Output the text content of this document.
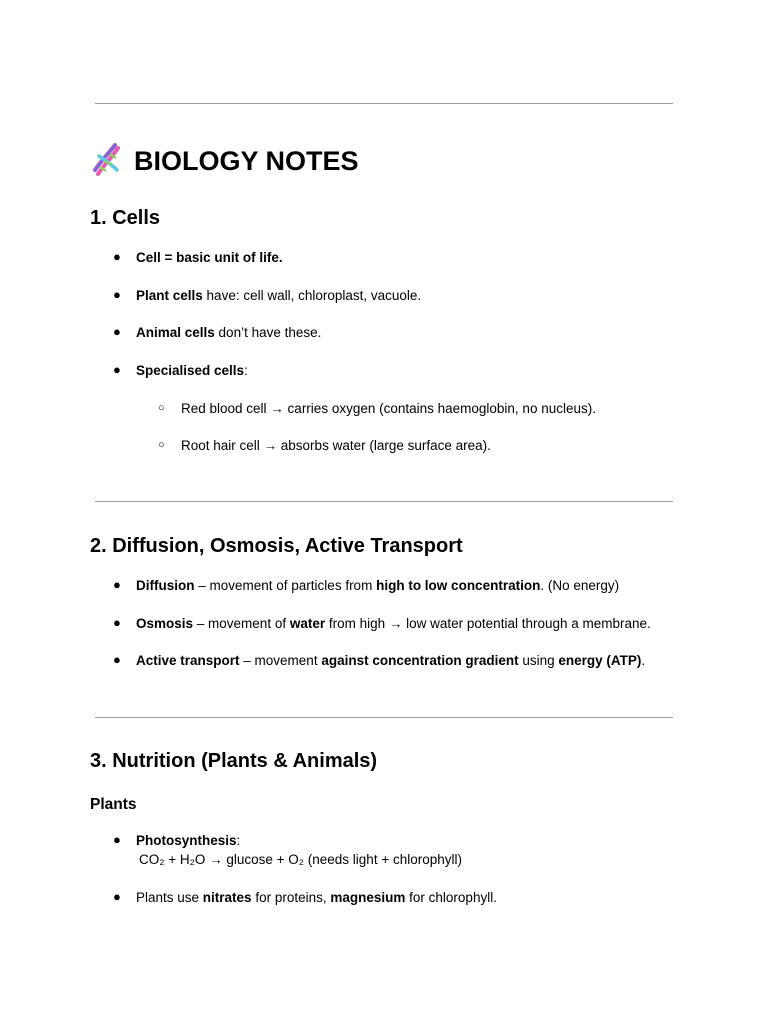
BIOLOGY NOTES
1. Cells
● Cell = basic unit of life.
● Plant cells have: cell wall, chloroplast, vacuole.
● Animal cells don’t have these.
● Specialised cells:
○ Red blood cell → carries oxygen (contains haemoglobin, no nucleus).
○ Root hair cell → absorbs water (large surface area).
2. Diffusion, Osmosis, Active Transport
● Diffusion – movement of particles from high to low concentration. (No energy)
● Osmosis – movement of water from high → low water potential through a membrane.
● Active transport – movement against concentration gradient using energy (ATP).
3. Nutrition (Plants & Animals)
Plants
● Photosynthesis:
CO₂ + H₂O → glucose + O₂ (needs light + chlorophyll)
● Plants use nitrates for proteins, magnesium for chlorophyll.
